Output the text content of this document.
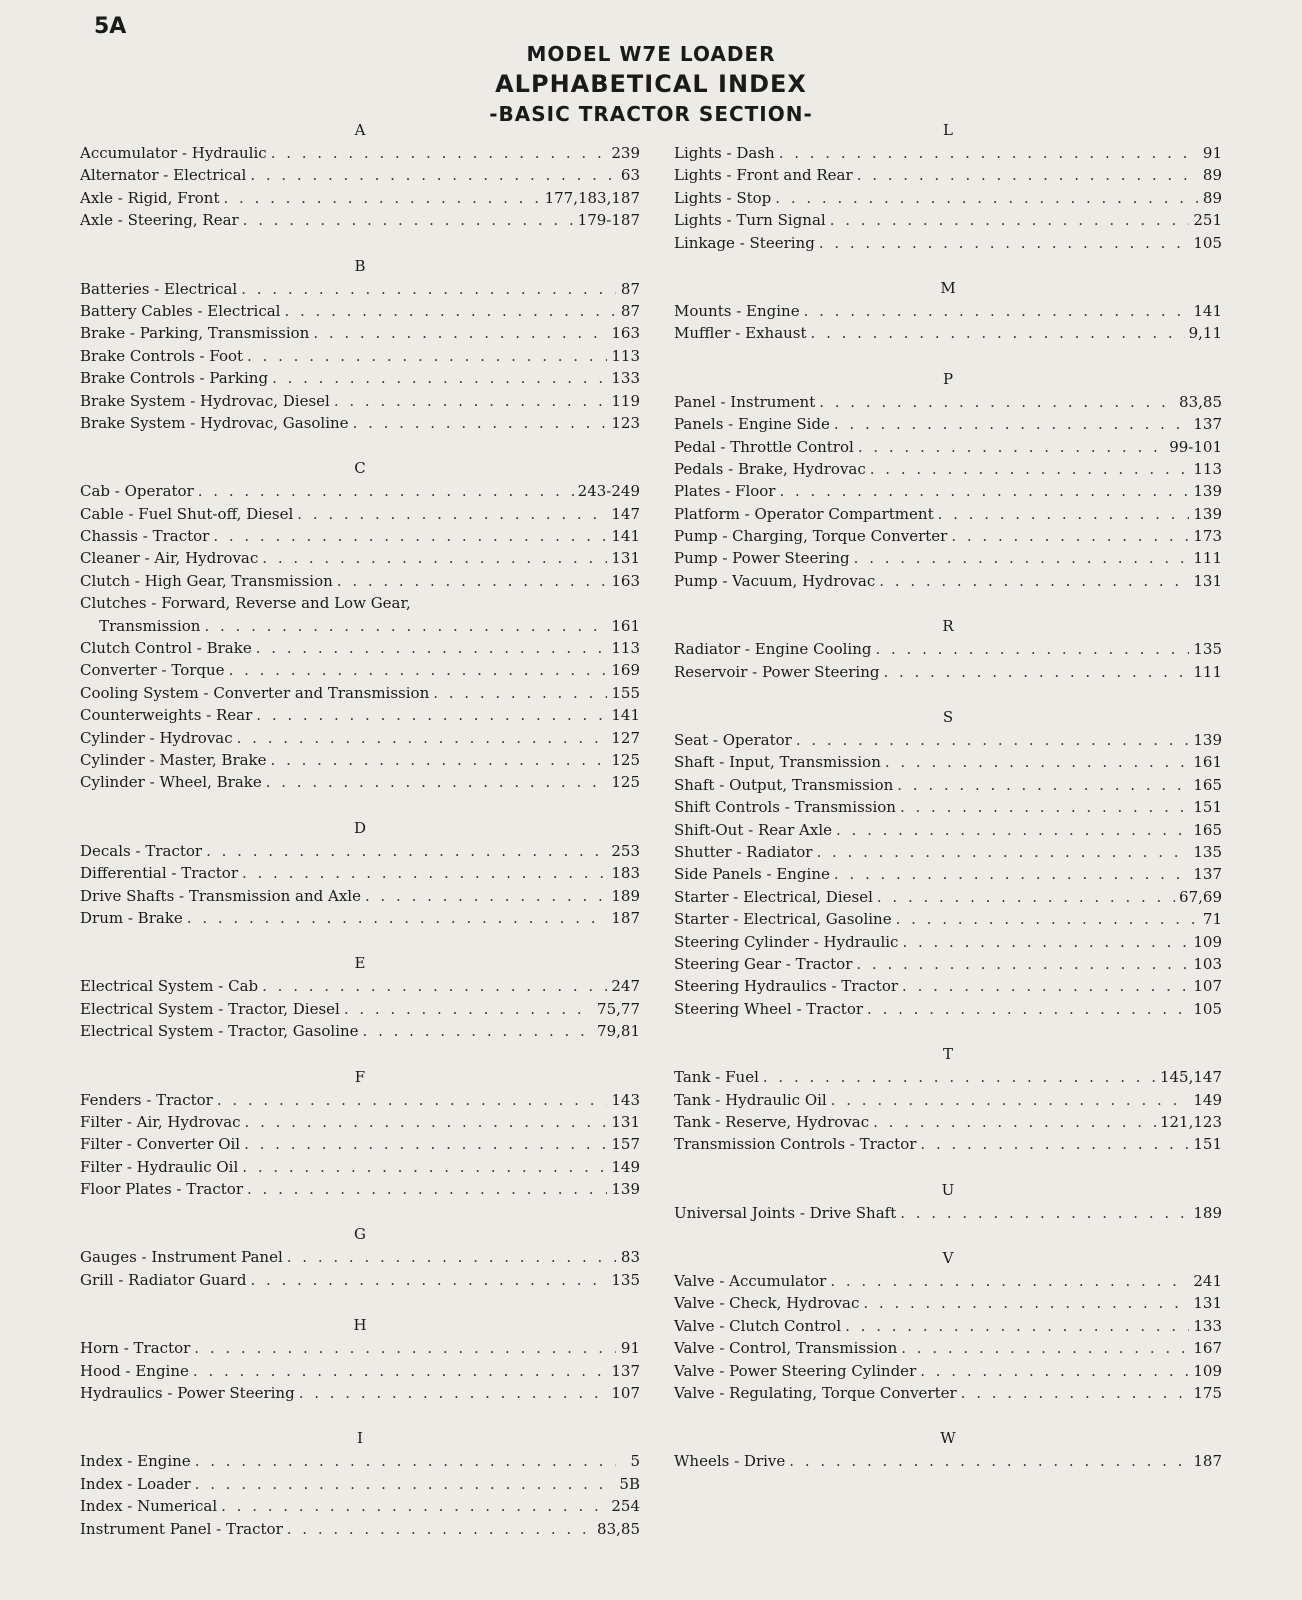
5A
MODEL W7E LOADER
ALPHABETICAL INDEX
-BASIC TRACTOR SECTION-
A
Accumulator - Hydraulic . . .	239
Alternator - Electrical . . .	63
Axle - Rigid, Front . . .	177,183,187
Axle - Steering, Rear . . .	179-187
B
Batteries - Electrical . . .	87
Battery Cables - Electrical . . .	87
Brake - Parking, Transmission . . .	163
Brake Controls - Foot . . .	113
Brake Controls - Parking . . .	133
Brake System - Hydrovac, Diesel . . .	119
Brake System - Hydrovac, Gasoline . . .	123
C
Cab - Operator . . .	243-249
Cable - Fuel Shut-off, Diesel . . .	147
Chassis - Tractor . . .	141
Cleaner - Air, Hydrovac . . .	131
Clutch - High Gear, Transmission . . .	163
Clutches - Forward, Reverse and Low Gear,
Transmission . . .	161
Clutch Control - Brake . . .	113
Converter - Torque . . .	169
Cooling System - Converter and Transmission . . .	155
Counterweights - Rear . . .	141
Cylinder - Hydrovac . . .	127
Cylinder - Master, Brake . . .	125
Cylinder - Wheel, Brake . . .	125
D
Decals - Tractor . . .	253
Differential - Tractor . . .	183
Drive Shafts - Transmission and Axle . . .	189
Drum - Brake . . .	187
E
Electrical System - Cab . . .	247
Electrical System - Tractor, Diesel . . .	75,77
Electrical System - Tractor, Gasoline . . .	79,81
F
Fenders - Tractor . . .	143
Filter - Air, Hydrovac . . .	131
Filter - Converter Oil . . .	157
Filter - Hydraulic Oil . . .	149
Floor Plates - Tractor . . .	139
G
Gauges - Instrument Panel . . .	83
Grill - Radiator Guard . . .	135
H
Horn - Tractor . . .	91
Hood - Engine . . .	137
Hydraulics - Power Steering . . .	107
I
Index - Engine . . .	5
Index - Loader . . .	5B
Index - Numerical . . .	254
Instrument Panel - Tractor . . .	83,85
L
Lights - Dash . . .	91
Lights - Front and Rear . . .	89
Lights - Stop . . .	89
Lights - Turn Signal . . .	251
Linkage - Steering . . .	105
M
Mounts - Engine . . .	141
Muffler - Exhaust . . .	9,11
P
Panel - Instrument . . .	83,85
Panels - Engine Side . . .	137
Pedal - Throttle Control . . .	99-101
Pedals - Brake, Hydrovac . . .	113
Plates - Floor . . .	139
Platform - Operator Compartment . . .	139
Pump - Charging, Torque Converter . . .	173
Pump - Power Steering . . .	111
Pump - Vacuum, Hydrovac . . .	131
R
Radiator - Engine Cooling . . .	135
Reservoir - Power Steering . . .	111
S
Seat - Operator . . .	139
Shaft - Input, Transmission . . .	161
Shaft - Output, Transmission . . .	165
Shift Controls - Transmission . . .	151
Shift-Out - Rear Axle . . .	165
Shutter - Radiator . . .	135
Side Panels - Engine . . .	137
Starter - Electrical, Diesel . . .	67,69
Starter - Electrical, Gasoline . . .	71
Steering Cylinder - Hydraulic . . .	109
Steering Gear - Tractor . . .	103
Steering Hydraulics - Tractor . . .	107
Steering Wheel - Tractor . . .	105
T
Tank - Fuel . . .	145,147
Tank - Hydraulic Oil . . .	149
Tank - Reserve, Hydrovac . . .	121,123
Transmission Controls - Tractor . . .	151
U
Universal Joints - Drive Shaft . . .	189
V
Valve - Accumulator . . .	241
Valve - Check, Hydrovac . . .	131
Valve - Clutch Control . . .	133
Valve - Control, Transmission . . .	167
Valve - Power Steering Cylinder . . .	109
Valve - Regulating, Torque Converter . . .	175
W
Wheels - Drive . . .	187
